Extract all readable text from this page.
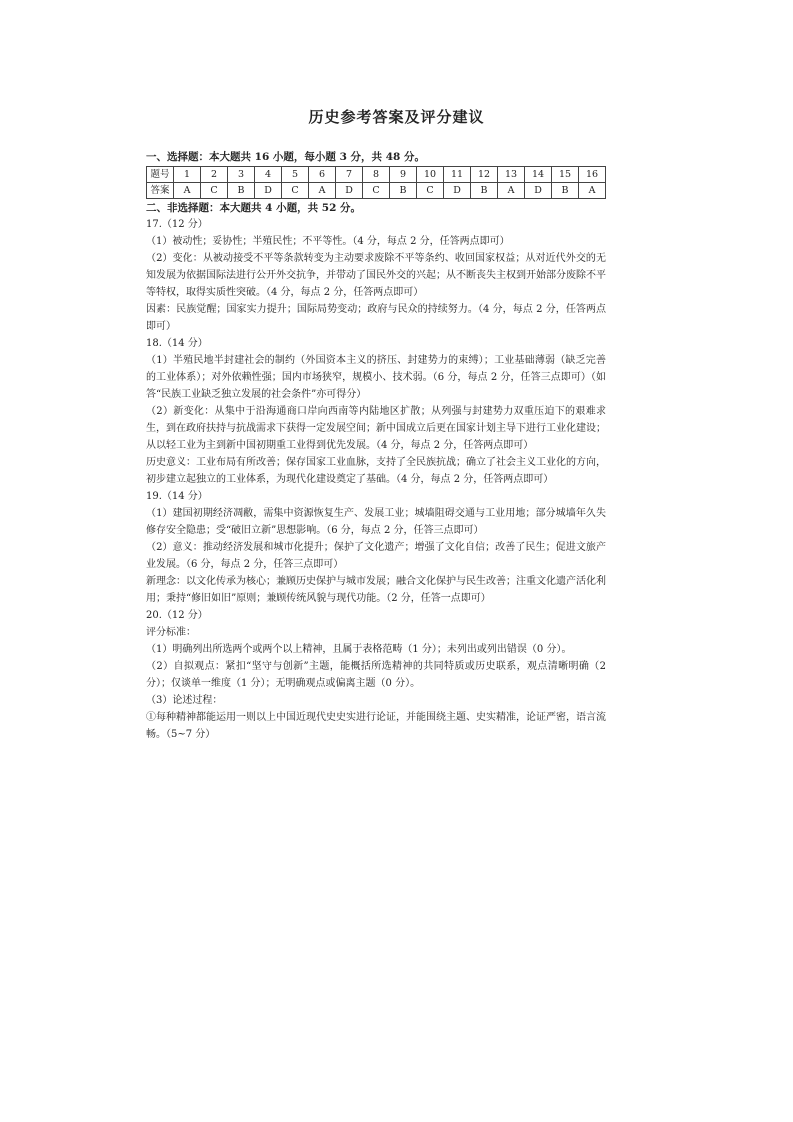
历史参考答案及评分建议

一、选择题：本大题共 16 小题，每小题 3 分，共 48 分。

题号	1	2	3	4	5	6	7	8	9	10	11	12	13	14	15	16
答案	A	C	B	D	C	A	D	C	B	C	D	B	A	D	B	A

二、非选择题：本大题共 4 小题，共 52 分。

17.（12 分）

（1）被动性；妥协性；半殖民性；不平等性。（4 分，每点 2 分，任答两点即可）

（2）变化：从被动接受不平等条款转变为主动要求废除不平等条约、收回国家权益；从对近代外交的无知发展为依据国际法进行公开外交抗争，并带动了国民外交的兴起；从不断丧失主权到开始部分废除不平等特权，取得实质性突破。（4 分，每点 2 分，任答两点即可）

因素：民族觉醒；国家实力提升；国际局势变动；政府与民众的持续努力。（4 分，每点 2 分，任答两点即可）

18.（14 分）

（1）半殖民地半封建社会的制约（外国资本主义的挤压、封建势力的束缚）；工业基础薄弱（缺乏完善的工业体系）；对外依赖性强；国内市场狭窄，规模小、技术弱。（6 分，每点 2 分，任答三点即可）（如答“民族工业缺乏独立发展的社会条件”亦可得分）

（2）新变化：从集中于沿海通商口岸向西南等内陆地区扩散；从列强与封建势力双重压迫下的艰难求生，到在政府扶持与抗战需求下获得一定发展空间；新中国成立后更在国家计划主导下进行工业化建设；从以轻工业为主到新中国初期重工业得到优先发展。（4 分，每点 2 分，任答两点即可）

历史意义：工业布局有所改善；保存国家工业血脉，支持了全民族抗战；确立了社会主义工业化的方向，初步建立起独立的工业体系，为现代化建设奠定了基础。（4 分，每点 2 分，任答两点即可）

19.（14 分）

（1）建国初期经济凋敝，需集中资源恢复生产、发展工业；城墙阻碍交通与工业用地；部分城墙年久失修存安全隐患；受“破旧立新”思想影响。（6 分，每点 2 分，任答三点即可）

（2）意义：推动经济发展和城市化提升；保护了文化遗产；增强了文化自信；改善了民生；促进文旅产业发展。（6 分，每点 2 分，任答三点即可）

新理念：以文化传承为核心；兼顾历史保护与城市发展；融合文化保护与民生改善；注重文化遗产活化利用；秉持“修旧如旧”原则；兼顾传统风貌与现代功能。（2 分，任答一点即可）

20.（12 分）

评分标准：

（1）明确列出所选两个或两个以上精神，且属于表格范畴（1 分）；未列出或列出错误（0 分）。

（2）自拟观点：紧扣“坚守与创新”主题，能概括所选精神的共同特质或历史联系，观点清晰明确（2 分）；仅谈单一维度（1 分）；无明确观点或偏离主题（0 分）。

（3）论述过程：

①每种精神都能运用一则以上中国近现代史史实进行论证，并能围绕主题、史实精准，论证严密，语言流畅。（5~7 分）
